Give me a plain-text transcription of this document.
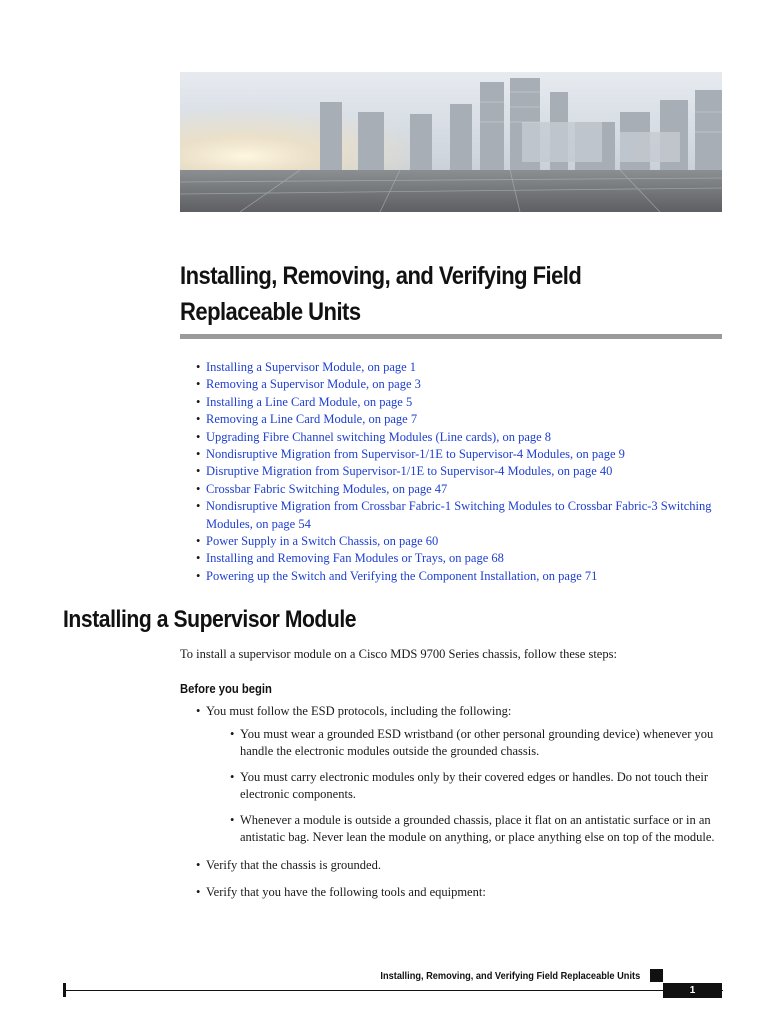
Installing, Removing, and Verifying Field
Replaceable Units
• Installing a Supervisor Module, on page 1
• Removing a Supervisor Module, on page 3
• Installing a Line Card Module, on page 5
• Removing a Line Card Module, on page 7
• Upgrading Fibre Channel switching Modules (Line cards), on page 8
• Nondisruptive Migration from Supervisor-1/1E to Supervisor-4 Modules, on page 9
• Disruptive Migration from Supervisor-1/1E to Supervisor-4 Modules, on page 40
• Crossbar Fabric Switching Modules, on page 47
• Nondisruptive Migration from Crossbar Fabric-1 Switching Modules to Crossbar Fabric-3 Switching Modules, on page 54
• Power Supply in a Switch Chassis, on page 60
• Installing and Removing Fan Modules or Trays, on page 68
• Powering up the Switch and Verifying the Component Installation, on page 71
Installing a Supervisor Module

To install a supervisor module on a Cisco MDS 9700 Series chassis, follow these steps:

Before you begin
• You must follow the ESD protocols, including the following:
• You must wear a grounded ESD wristband (or other personal grounding device) whenever you handle the electronic modules outside the grounded chassis.
• You must carry electronic modules only by their covered edges or handles. Do not touch their electronic components.
• Whenever a module is outside a grounded chassis, place it flat on an antistatic surface or in an antistatic bag. Never lean the module on anything, or place anything else on top of the module.
• Verify that the chassis is grounded.
• Verify that you have the following tools and equipment:
Installing, Removing, and Verifying Field Replaceable Units
1
